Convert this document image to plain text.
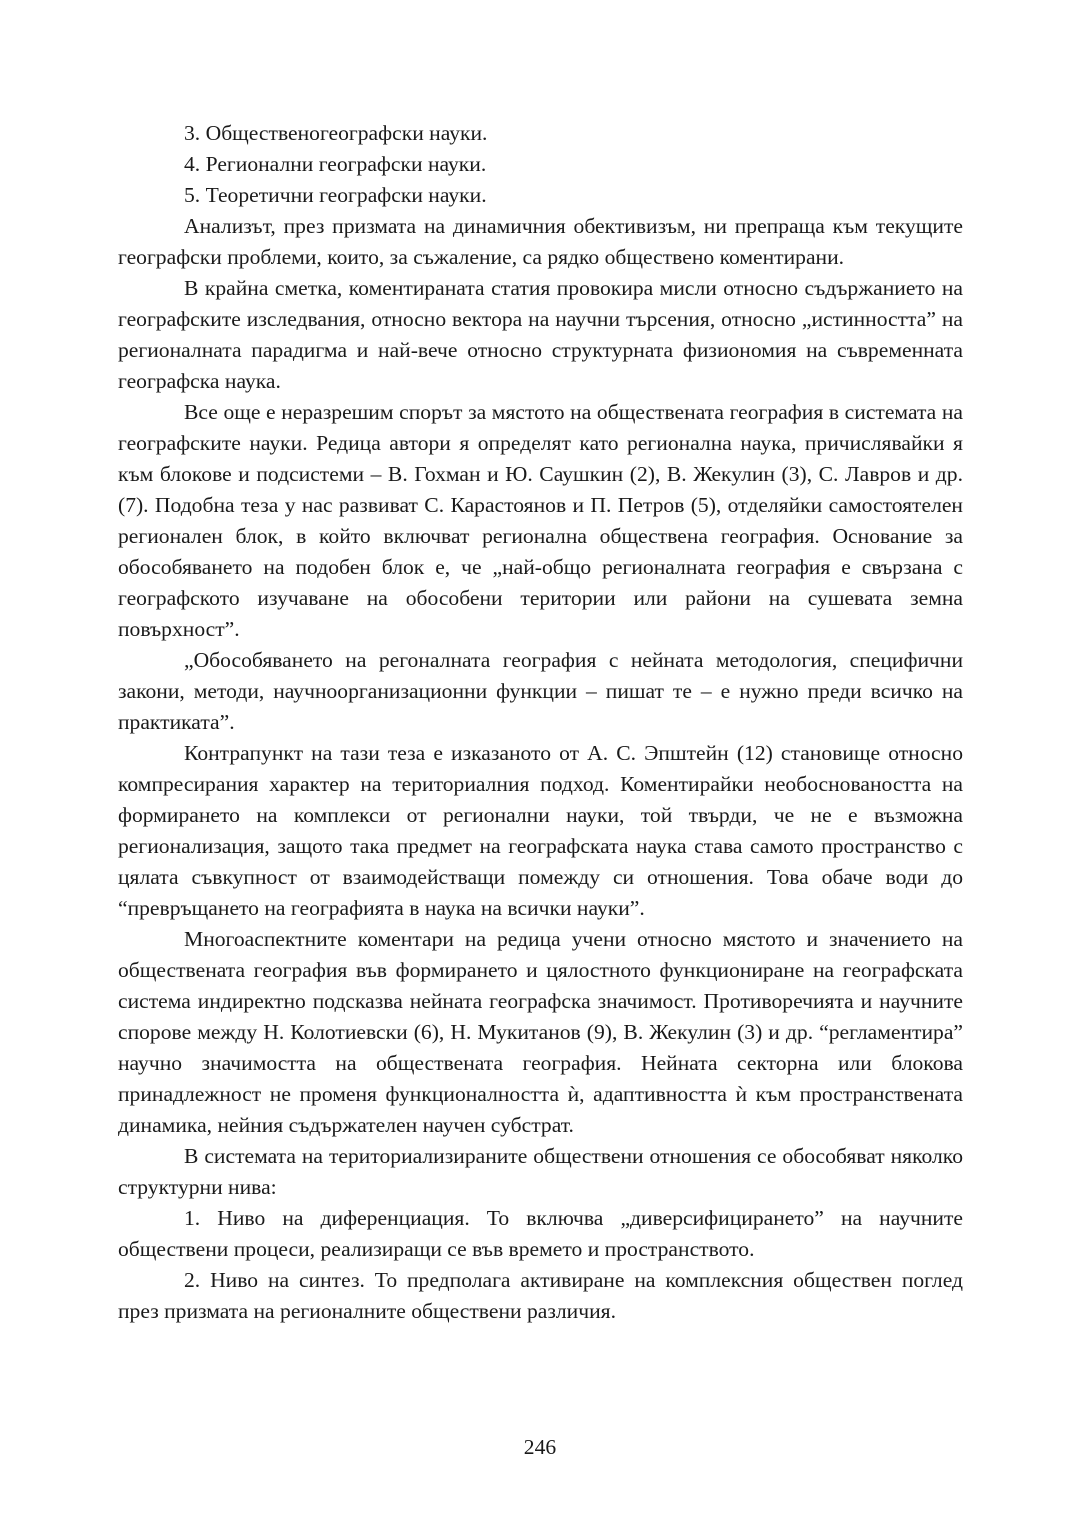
3. Общественогеографски науки.

4. Регионални географски науки.

5. Теоретични географски науки.

Анализът, през призмата на динамичния обективизъм, ни препраща към текущите географски проблеми, които, за съжаление, са рядко обществено коментирани.

В крайна сметка, коментираната статия провокира мисли относно съдържанието на географските изследвания, относно вектора на научни търсения, относно „истинността” на регионалната парадигма и най-вече относно структурната физиономия на съвременната географска наука.

Все още е неразрешим спорът за мястото на обществената география в системата на географските науки. Редица автори я определят като регионална наука, причислявайки я към блокове и подсистеми – В. Гохман и Ю. Саушкин (2), В. Жекулин (3), С. Лавров и др. (7). Подобна теза у нас развиват С. Карастоянов и П. Петров (5), отделяйки самостоятелен регионален блок, в който включват регионална обществена география. Основание за обособяването на подобен блок е, че „най-общо регионалната география е свързана с географското изучаване на обособени територии или райони на сушевата земна повърхност”.

„Обособяването на регоналната география с нейната методология, специфични закони, методи, научноорганизационни функции – пишат те – е нужно преди всичко на практиката”.

Контрапункт на тази теза е изказаното от А. С. Эпштейн (12) становище относно компресирания характер на териториалния подход. Коментирайки необосноваността на формирането на комплекси от регионални науки, той твърди, че не е възможна регионализация, защото така предмет на географската наука става самото пространство с цялата съвкупност от взаимодействащи помежду си отношения. Това обаче води до “превръщането на географията в наука на всички науки”.

Многоаспектните коментари на редица учени относно мястото и значението на обществената география във формирането и цялостното функциониране на географската система индиректно подсказва нейната географска значимост. Противоречията и научните спорове между Н. Колотиевски (6), Н. Мукитанов (9), В. Жекулин (3) и др. “регламентира” научно значимостта на обществената география. Нейната секторна или блокова принадлежност не променя функционалността ѝ, адаптивността ѝ към пространствената динамика, нейния съдържателен научен субстрат.

В системата на териториализираните обществени отношения се обособяват няколко структурни нива:

1. Ниво на диференциация. То включва „диверсифицирането” на научните обществени процеси, реализиращи се във времето и пространството.

2. Ниво на синтез. То предполага активиране на комплексния обществен поглед през призмата на регионалните обществени различия.

246
